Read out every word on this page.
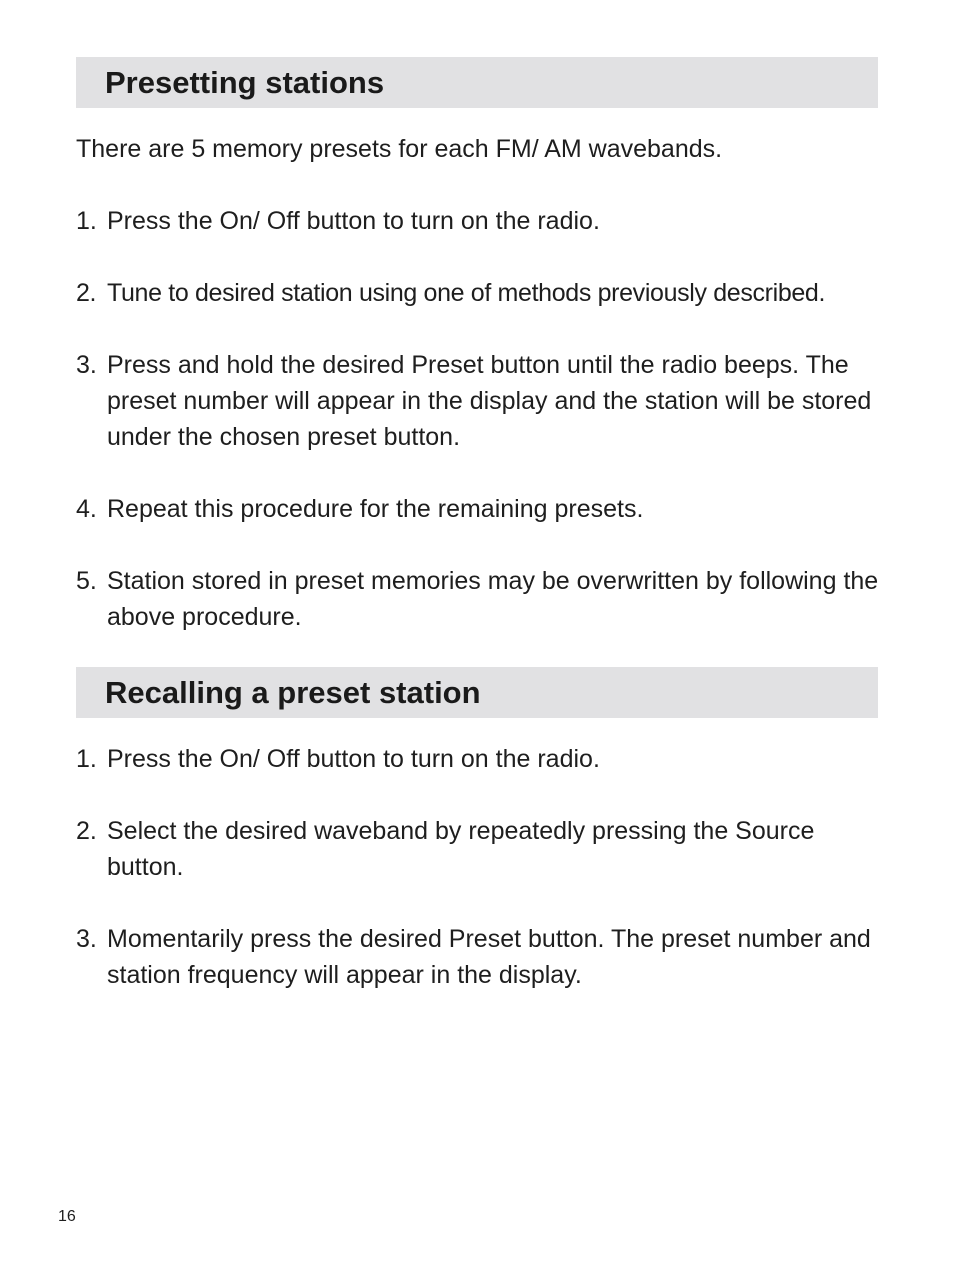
Presetting stations

There are 5 memory presets for each FM/ AM wavebands.

1. Press the On/ Off button to turn on the radio.
2. Tune to desired station using one of methods previously described.
3. Press and hold the desired Preset button until the radio beeps. The preset number will appear in the display and the station will be stored under the chosen preset button.
4. Repeat this procedure for the remaining presets.
5. Station stored in preset memories may be overwritten by following the above procedure.
Recalling a preset station
1. Press the On/ Off button to turn on the radio.
2. Select the desired waveband by repeatedly pressing the Source button.
3. Momentarily press the desired Preset button. The preset number and station frequency will appear in the display.
16
